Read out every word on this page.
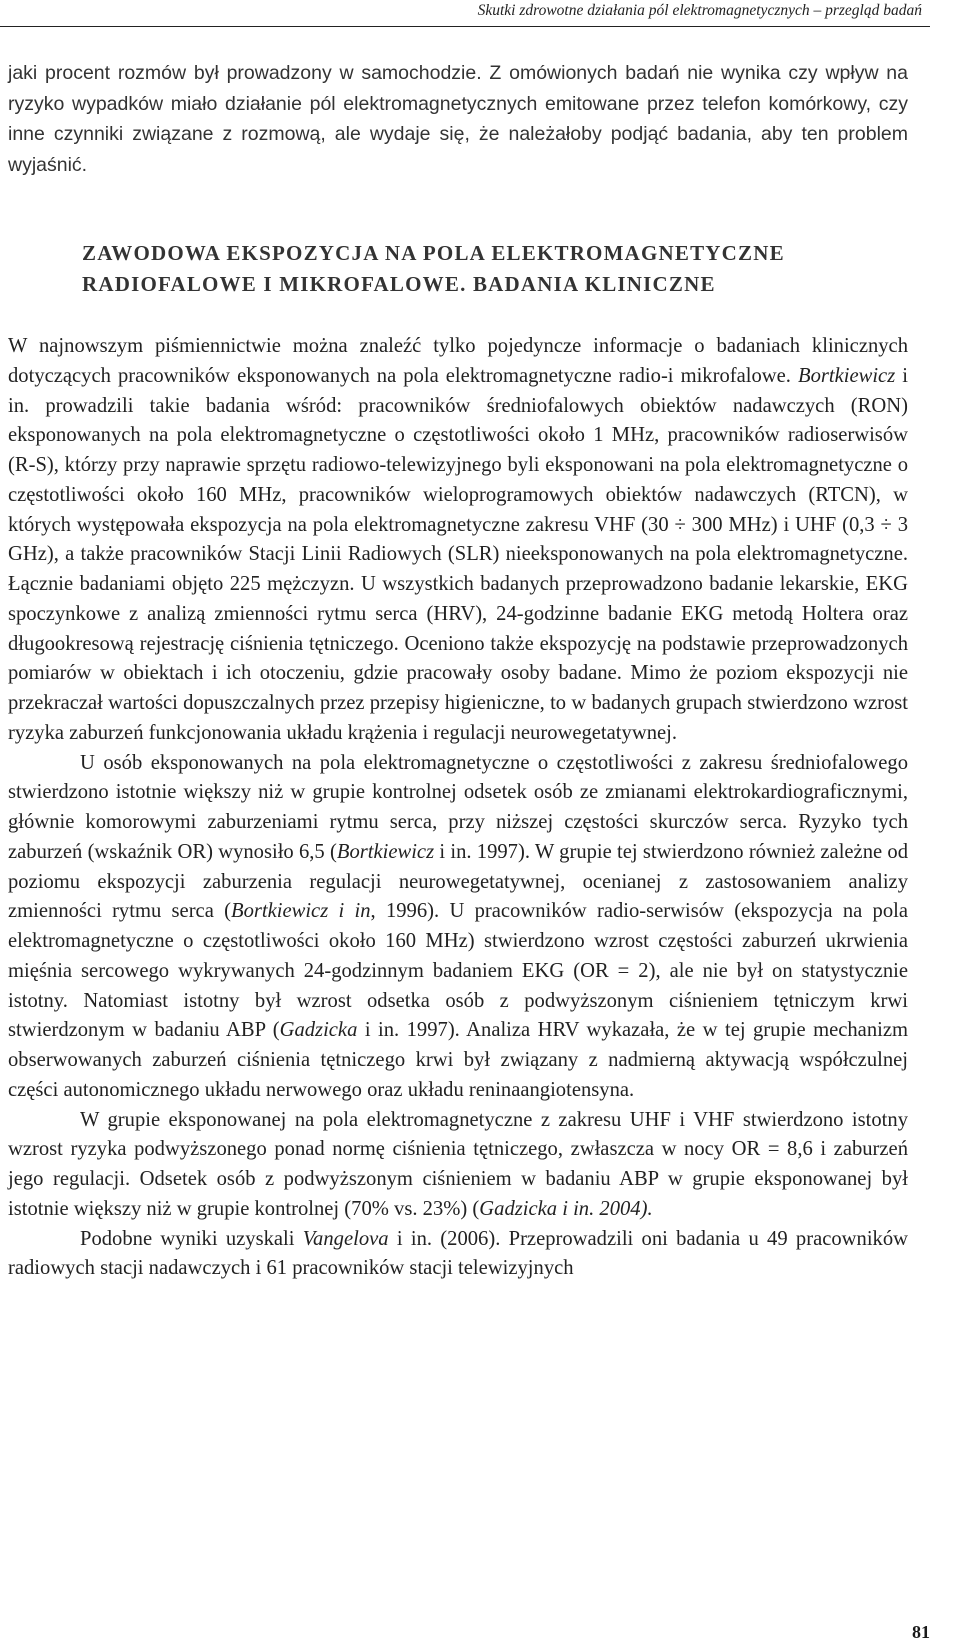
Skutki zdrowotne działania pól elektromagnetycznych – przegląd badań

jaki procent rozmów był prowadzony w samochodzie. Z omówionych badań nie wynika czy wpływ na ryzyko wypadków miało działanie pól elektromagnetycznych emitowane przez telefon komórkowy, czy inne czynniki związane z rozmową, ale wydaje się, że należałoby podjąć badania, aby ten problem wyjaśnić.

ZAWODOWA EKSPOZYCJA NA POLA ELEKTROMAGNETYCZNE RADIOFALOWE I MIKROFALOWE. BADANIA KLINICZNE

W najnowszym piśmiennictwie można znaleźć tylko pojedyncze informacje o badaniach klinicznych dotyczących pracowników eksponowanych na pola elektromagnetyczne radio-i mikrofalowe. Bortkiewicz i in. prowadzili takie badania wśród: pracowników średniofalowych obiektów nadawczych (RON) eksponowanych na pola elektromagnetyczne o częstotliwości około 1 MHz, pracowników radioserwisów (R-S), którzy przy naprawie sprzętu radiowo-telewizyjnego byli eksponowani na pola elektromagnetyczne o częstotliwości około 160 MHz, pracowników wieloprogramowych obiektów nadawczych (RTCN), w których występowała ekspozycja na pola elektromagnetyczne zakresu VHF (30 ÷ 300 MHz) i UHF (0,3 ÷ 3 GHz), a także pracowników Stacji Linii Radiowych (SLR) nieeksponowanych na pola elektromagnetyczne. Łącznie badaniami objęto 225 mężczyzn. U wszystkich badanych przeprowadzono badanie lekarskie, EKG spoczynkowe z analizą zmienności rytmu serca (HRV), 24-godzinne badanie EKG metodą Holtera oraz długookresową rejestrację ciśnienia tętniczego. Oceniono także ekspozycję na podstawie przeprowadzonych pomiarów w obiektach i ich otoczeniu, gdzie pracowały osoby badane. Mimo że poziom ekspozycji nie przekraczał wartości dopuszczalnych przez przepisy higieniczne, to w badanych grupach stwierdzono wzrost ryzyka zaburzeń funkcjonowania układu krążenia i regulacji neurowegetatywnej.

U osób eksponowanych na pola elektromagnetyczne o częstotliwości z zakresu średniofalowego stwierdzono istotnie większy niż w grupie kontrolnej odsetek osób ze zmianami elektrokardiograficznymi, głównie komorowymi zaburzeniami rytmu serca, przy niższej częstości skurczów serca. Ryzyko tych zaburzeń (wskaźnik OR) wynosiło 6,5 (Bortkiewicz i in. 1997). W grupie tej stwierdzono również zależne od poziomu ekspozycji zaburzenia regulacji neurowegetatywnej, ocenianej z zastosowaniem analizy zmienności rytmu serca (Bortkiewicz i in, 1996). U pracowników radio-serwisów (ekspozycja na pola elektromagnetyczne o częstotliwości około 160 MHz) stwierdzono wzrost częstości zaburzeń ukrwienia mięśnia sercowego wykrywanych 24-godzinnym badaniem EKG (OR = 2), ale nie był on statystycznie istotny. Natomiast istotny był wzrost odsetka osób z podwyższonym ciśnieniem tętniczym krwi stwierdzonym w badaniu ABP (Gadzicka i in. 1997). Analiza HRV wykazała, że w tej grupie mechanizm obserwowanych zaburzeń ciśnienia tętniczego krwi był związany z nadmierną aktywacją współczulnej części autonomicznego układu nerwowego oraz układu reninaangiotensyna.

W grupie eksponowanej na pola elektromagnetyczne z zakresu UHF i VHF stwierdzono istotny wzrost ryzyka podwyższonego ponad normę ciśnienia tętniczego, zwłaszcza w nocy OR = 8,6 i zaburzeń jego regulacji. Odsetek osób z podwyższonym ciśnieniem w badaniu ABP w grupie eksponowanej był istotnie większy niż w grupie kontrolnej (70% vs. 23%) (Gadzicka i in. 2004).

Podobne wyniki uzyskali Vangelova i in. (2006). Przeprowadzili oni badania u 49 pracowników radiowych stacji nadawczych i 61 pracowników stacji telewizyjnych

81
